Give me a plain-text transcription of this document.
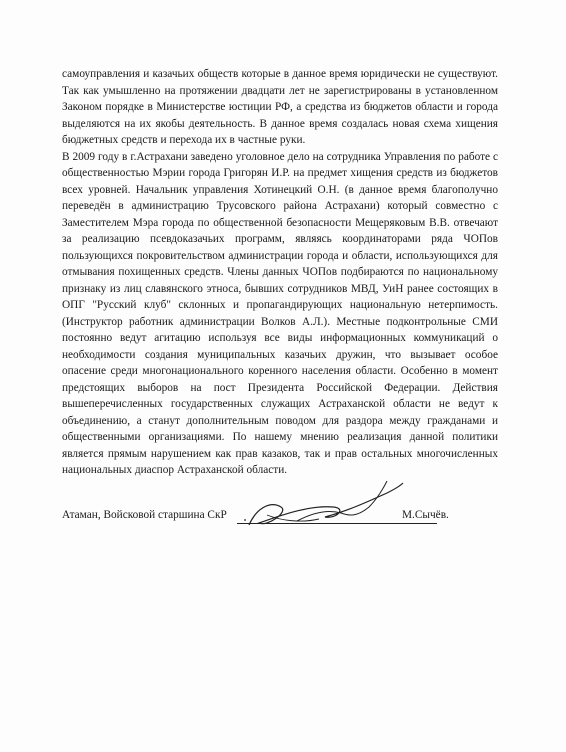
самоуправления и казачьих обществ которые в данное время юридически не существуют. Так как умышленно на протяжении двадцати лет не зарегистрированы в установленном Законом порядке в Министерстве юстиции РФ, а средства из бюджетов области и города выделяются на их якобы деятельность. В данное время создалась новая схема хищения бюджетных средств и перехода их в частные руки.

В 2009 году в г.Астрахани заведено уголовное дело на сотрудника Управления по работе с общественностью Мэрии города Григорян И.Р. на предмет хищения средств из бюджетов всех уровней. Начальник управления Хотинецкий О.Н. (в данное время благополучно переведён в администрацию Трусовского района Астрахани) который совместно с Заместителем Мэра города по общественной безопасности Мещеряковым В.В. отвечают за реализацию псевдоказачьих программ, являясь координаторами ряда ЧОПов пользующихся покровительством администрации города и области, использующихся для отмывания похищенных средств. Члены данных ЧОПов подбираются по национальному признаку из лиц славянского этноса, бывших сотрудников МВД, УиН ранее состоящих в ОПГ "Русский клуб" склонных и пропагандирующих национальную нетерпимость. (Инструктор работник администрации Волков А.Л.). Местные подконтрольные СМИ постоянно ведут агитацию используя все виды информационных коммуникаций о необходимости создания муниципальных казачьих дружин, что вызывает особое опасение среди многонационального коренного населения области. Особенно в момент предстоящих выборов на пост Президента Российской Федерации. Действия вышеперечисленных государственных служащих Астраханской области не ведут к объединению, а станут дополнительным поводом для раздора между гражданами и общественными организациями. По нашему мнению реализация данной политики является прямым нарушением как прав казаков, так и прав остальных многочисленных национальных диаспор Астраханской области.

Атаман, Войсковой старшина СкР	М.Сычёв.
